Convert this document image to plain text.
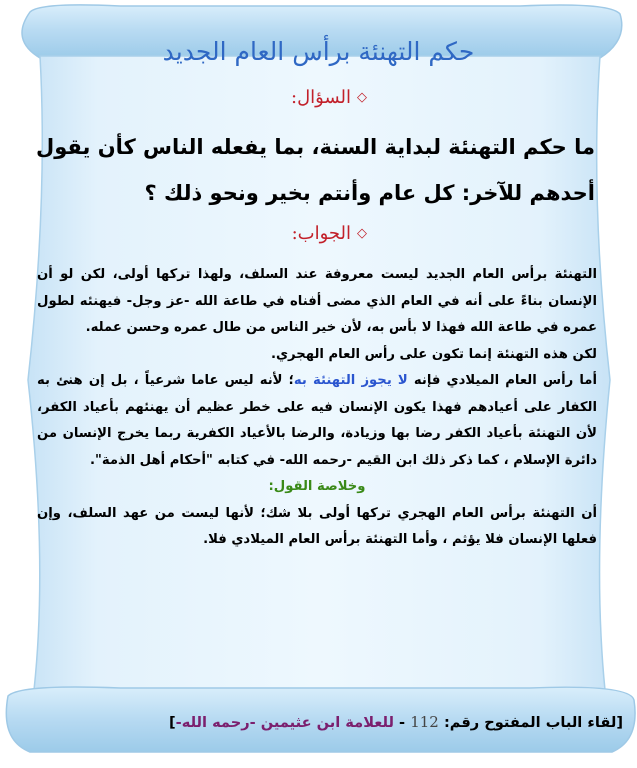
حكم التهنئة برأس العام الجديد
◇السؤال:
ما حكم التهنئة لبداية السنة، بما يفعله الناس كأن يقول
أحدهم للآخر: كل عام وأنتم بخير ونحو ذلك ؟
◇الجواب:

التهنئة برأس العام الجديد ليست معروفة عند السلف، ولهذا تركها أولى، لكن لو أن الإنسان بناءً على أنه في العام الذي مضى أفناه في طاعة الله -عز وجل- فيهنئه لطول عمره في طاعة الله فهذا لا بأس به، لأن خير الناس من طال عمره وحسن عمله.

لكن هذه التهنئة إنما تكون على رأس العام الهجري.

أما رأس العام الميلادي فإنه لا يجوز التهنئة به؛ لأنه ليس عاما شرعياً ، بل إن هنئ به الكفار على أعيادهم فهذا يكون الإنسان فيه على خطر عظيم أن يهنئهم بأعياد الكفر، لأن التهنئة بأعياد الكفر رضا بها وزيادة، والرضا بالأعياد الكفرية ربما يخرج الإنسان من دائرة الإسلام ، كما ذكر ذلك ابن القيم -رحمه الله- في كتابه "أحكام أهل الذمة".

وخلاصة القول:

أن التهنئة برأس العام الهجري تركها أولى بلا شك؛ لأنها ليست من عهد السلف، وإن فعلها الإنسان فلا يؤثم ، وأما التهنئة برأس العام الميلادي فلا.

[لقاء الباب المفتوح رقم: 112 - للعلامة ابن عثيمين -رحمه الله-]
